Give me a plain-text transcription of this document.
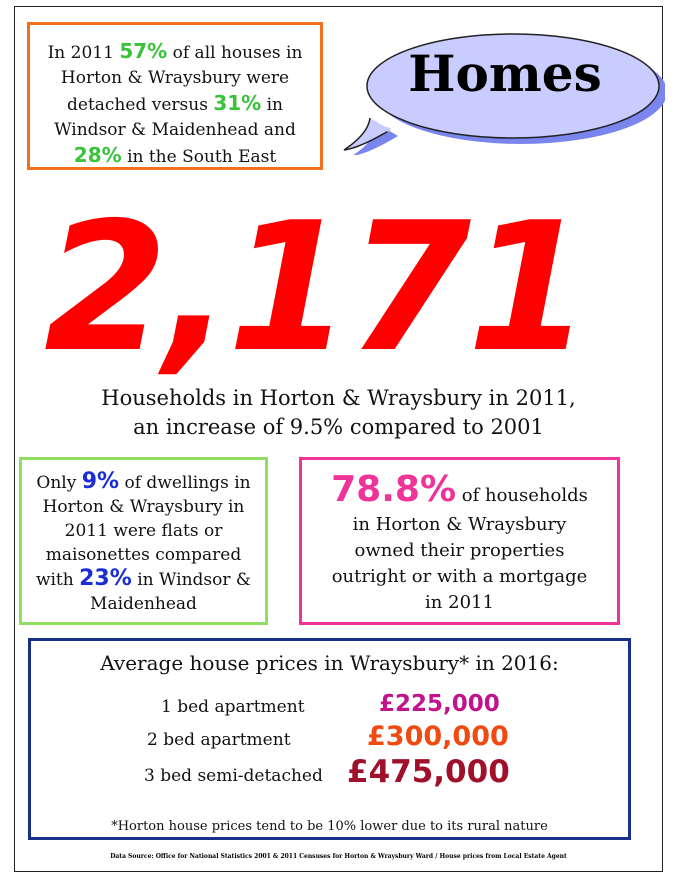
In 2011 57% of all houses in Horton & Wraysbury were detached versus 31% in Windsor & Maidenhead and
28% in the South East
Homes
2,171
Households in Horton & Wraysbury in 2011,
an increase of 9.5% compared to 2001
Only 9% of dwellings in Horton & Wraysbury in 2011 were flats or maisonettes compared with 23% in Windsor & Maidenhead
78.8% of households
in Horton & Wraysbury
owned their properties
outright or with a mortgage
in 2011
Average house prices in Wraysbury* in 2016:
1 bed apartment	£225,000
2 bed apartment	£300,000
3 bed semi-detached £475,000
*Horton house prices tend to be 10% lower due to its rural nature
Data Source: Office for National Statistics 2001 & 2011 Censuses for Horton & Wraysbury Ward / House prices from Local Estate Agent
